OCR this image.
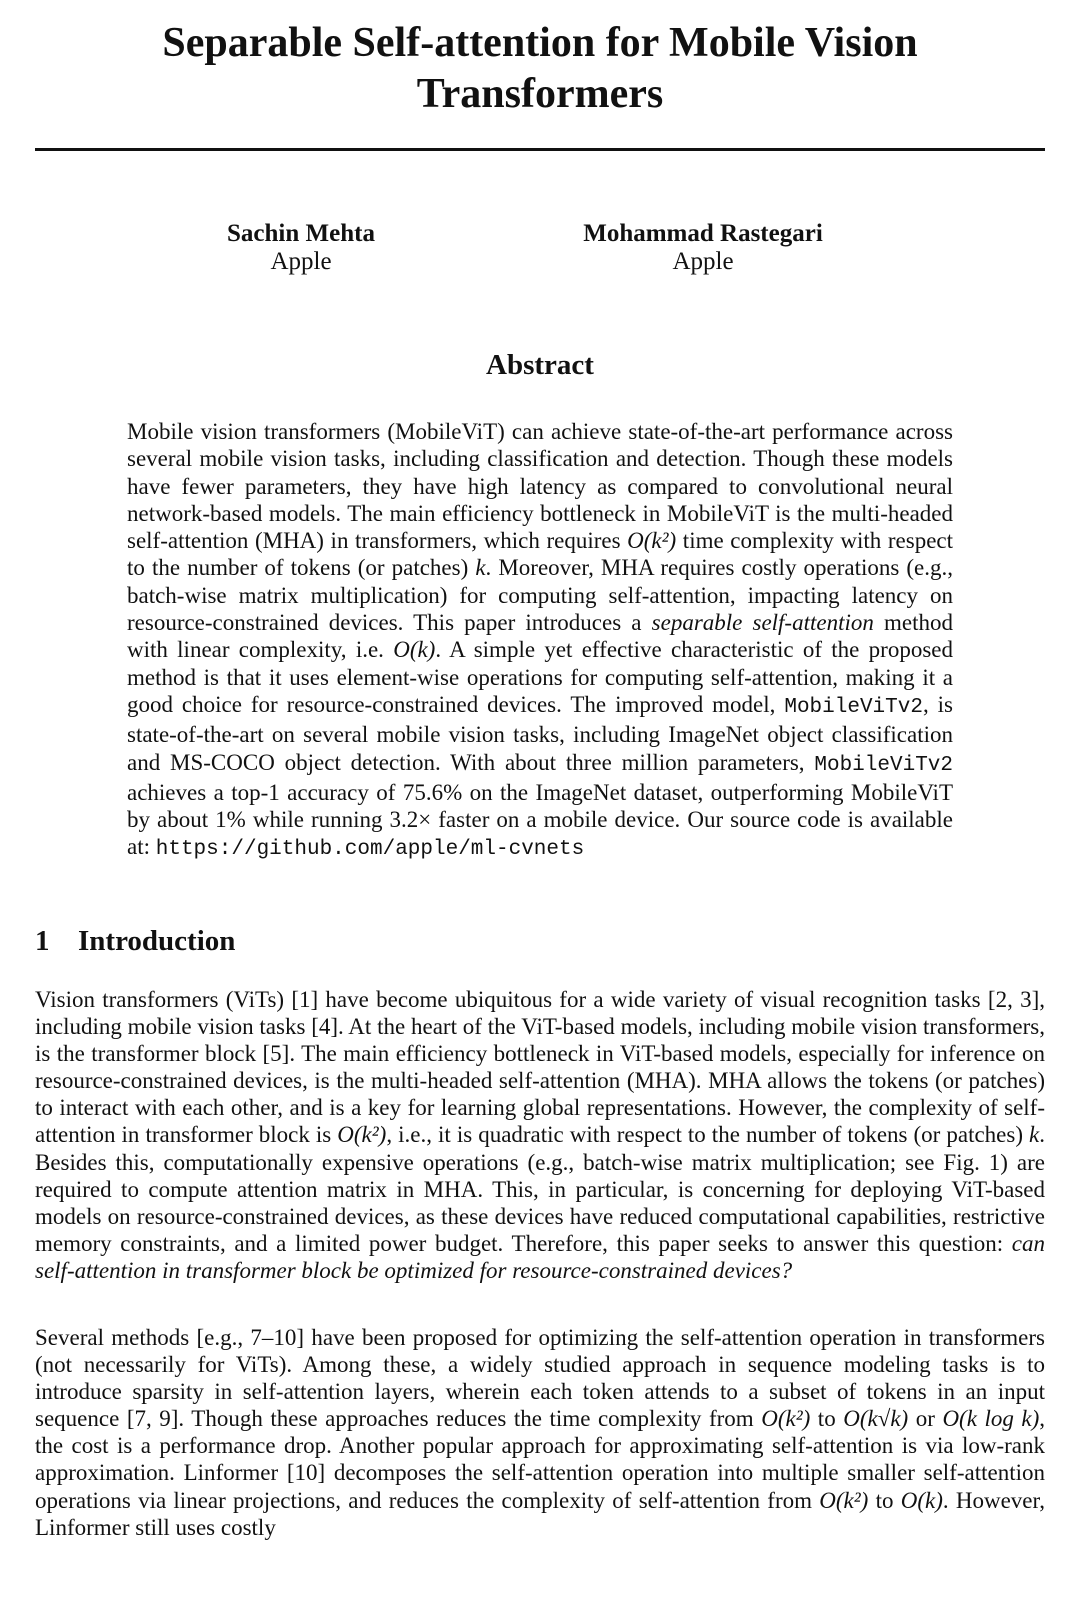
Separable Self-attention for Mobile Vision
Transformers
Sachin Mehta
Apple
Mohammad Rastegari
Apple
Abstract

Mobile vision transformers (MobileViT) can achieve state-of-the-art performance across several mobile vision tasks, including classification and detection. Though these models have fewer parameters, they have high latency as compared to convolutional neural network-based models. The main efficiency bottleneck in MobileViT is the multi-headed self-attention (MHA) in transformers, which requires O(k²) time complexity with respect to the number of tokens (or patches) k. Moreover, MHA requires costly operations (e.g., batch-wise matrix multiplication) for computing self-attention, impacting latency on resource-constrained devices. This paper introduces a separable self-attention method with linear complexity, i.e. O(k). A simple yet effective characteristic of the proposed method is that it uses element-wise operations for computing self-attention, making it a good choice for resource-constrained devices. The improved model, MobileViTv2, is state-of-the-art on several mobile vision tasks, including ImageNet object classification and MS-COCO object detection. With about three million parameters, MobileViTv2 achieves a top-1 accuracy of 75.6% on the ImageNet dataset, outperforming MobileViT by about 1% while running 3.2× faster on a mobile device. Our source code is available at: https://github.com/apple/ml-cvnets

1 Introduction

Vision transformers (ViTs) [1] have become ubiquitous for a wide variety of visual recognition tasks [2, 3], including mobile vision tasks [4]. At the heart of the ViT-based models, including mobile vision transformers, is the transformer block [5]. The main efficiency bottleneck in ViT-based models, especially for inference on resource-constrained devices, is the multi-headed self-attention (MHA). MHA allows the tokens (or patches) to interact with each other, and is a key for learning global representations. However, the complexity of self-attention in transformer block is O(k²), i.e., it is quadratic with respect to the number of tokens (or patches) k. Besides this, computationally expensive operations (e.g., batch-wise matrix multiplication; see Fig. 1) are required to compute attention matrix in MHA. This, in particular, is concerning for deploying ViT-based models on resource-constrained devices, as these devices have reduced computational capabilities, restrictive memory constraints, and a limited power budget. Therefore, this paper seeks to answer this question: can self-attention in transformer block be optimized for resource-constrained devices?

Several methods [e.g., 7–10] have been proposed for optimizing the self-attention operation in transformers (not necessarily for ViTs). Among these, a widely studied approach in sequence modeling tasks is to introduce sparsity in self-attention layers, wherein each token attends to a subset of tokens in an input sequence [7, 9]. Though these approaches reduces the time complexity from O(k²) to O(k√k) or O(k log k), the cost is a performance drop. Another popular approach for approximating self-attention is via low-rank approximation. Linformer [10] decomposes the self-attention operation into multiple smaller self-attention operations via linear projections, and reduces the complexity of self-attention from O(k²) to O(k). However, Linformer still uses costly
